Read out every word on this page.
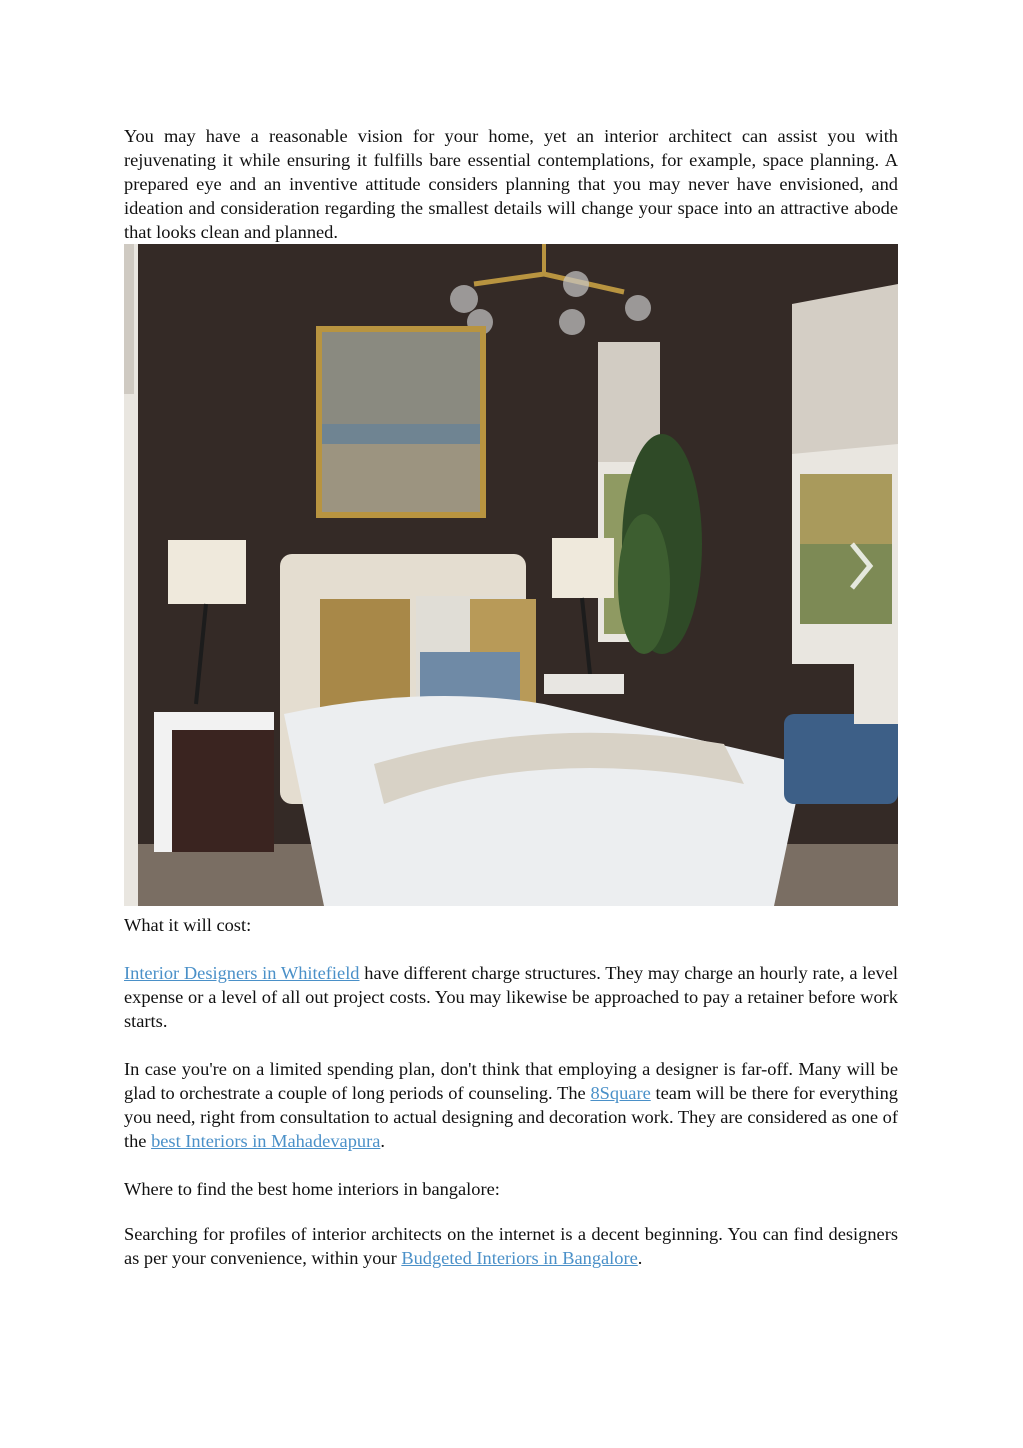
You may have a reasonable vision for your home, yet an interior architect can assist you with rejuvenating it while ensuring it fulfills bare essential contemplations, for example, space planning. A prepared eye and an inventive attitude considers planning that you may never have envisioned, and ideation and consideration regarding the smallest details will change your space into an attractive abode that looks clean and planned.

What it will cost:

Interior Designers in Whitefield have different charge structures. They may charge an hourly rate, a level expense or a level of all out project costs. You may likewise be approached to pay a retainer before work starts.

In case you're on a limited spending plan, don't think that employing a designer is far-off. Many will be glad to orchestrate a couple of long periods of counseling. The 8Square team will be there for everything you need, right from consultation to actual designing and decoration work. They are considered as one of the best Interiors in Mahadevapura.

Where to find the best home interiors in bangalore:

Searching for profiles of interior architects on the internet is a decent beginning. You can find designers as per your convenience, within your Budgeted Interiors in Bangalore.
